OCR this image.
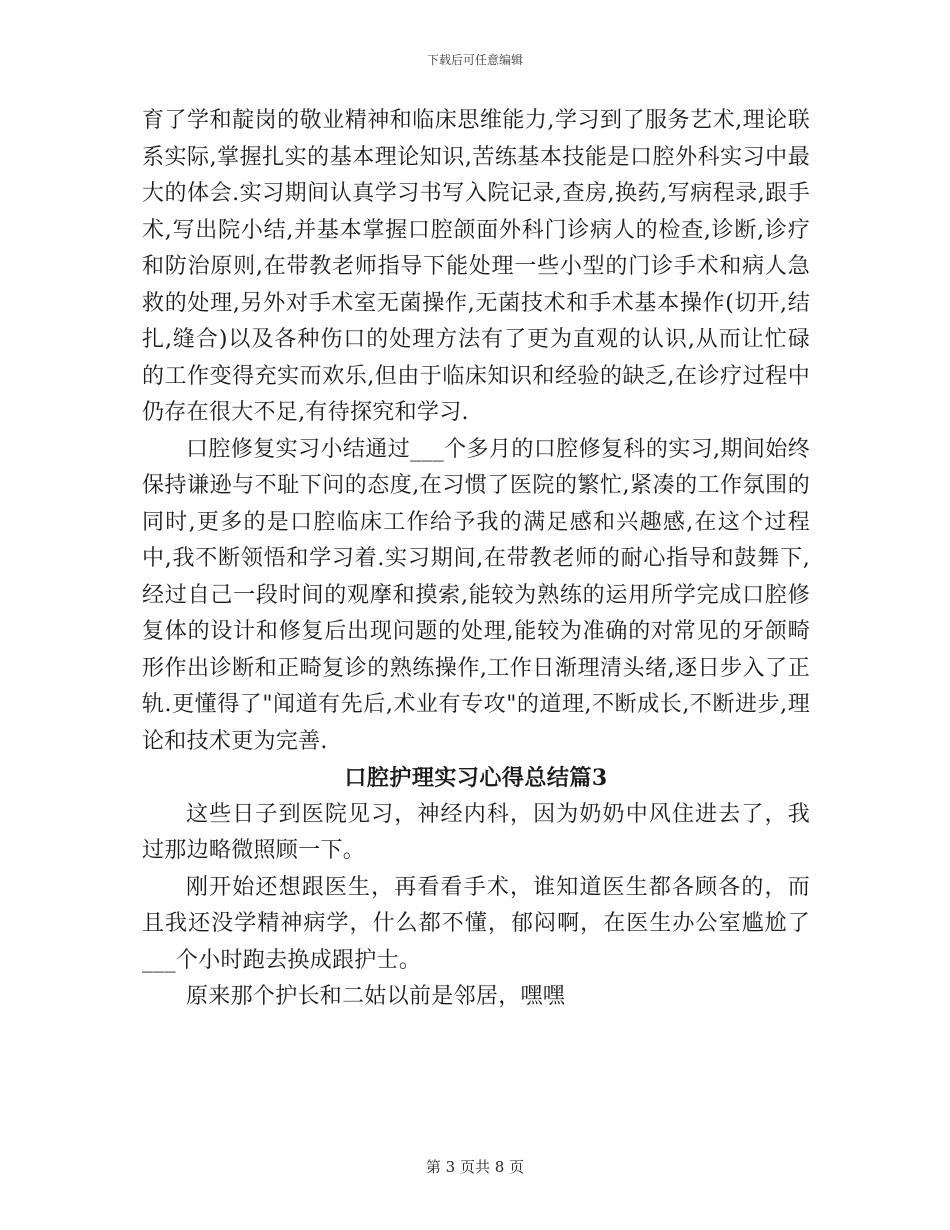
下载后可任意编辑

育了学和靛岗的敬业精神和临床思维能力,学习到了服务艺术,理论联系实际,掌握扎实的基本理论知识,苦练基本技能是口腔外科实习中最大的体会.实习期间认真学习书写入院记录,查房,换药,写病程录,跟手术,写出院小结,并基本掌握口腔颌面外科门诊病人的检查,诊断,诊疗和防治原则,在带教老师指导下能处理一些小型的门诊手术和病人急救的处理,另外对手术室无菌操作,无菌技术和手术基本操作(切开,结扎,缝合)以及各种伤口的处理方法有了更为直观的认识,从而让忙碌的工作变得充实而欢乐,但由于临床知识和经验的缺乏,在诊疗过程中仍存在很大不足,有待探究和学习.

口腔修复实习小结通过___个多月的口腔修复科的实习,期间始终保持谦逊与不耻下问的态度,在习惯了医院的繁忙,紧凑的工作氛围的同时,更多的是口腔临床工作给予我的满足感和兴趣感,在这个过程中,我不断领悟和学习着.实习期间,在带教老师的耐心指导和鼓舞下,经过自己一段时间的观摩和摸索,能较为熟练的运用所学完成口腔修复体的设计和修复后出现问题的处理,能较为准确的对常见的牙颌畸形作出诊断和正畸复诊的熟练操作,工作日渐理清头绪,逐日步入了正轨.更懂得了"闻道有先后,术业有专攻"的道理,不断成长,不断进步,理论和技术更为完善.

口腔护理实习心得总结篇3

这些日子到医院见习，神经内科，因为奶奶中风住进去了，我过那边略微照顾一下。

刚开始还想跟医生，再看看手术，谁知道医生都各顾各的，而且我还没学精神病学，什么都不懂，郁闷啊，在医生办公室尴尬了___个小时跑去换成跟护士。

原来那个护长和二姑以前是邻居，嘿嘿

第 3 页共 8 页
